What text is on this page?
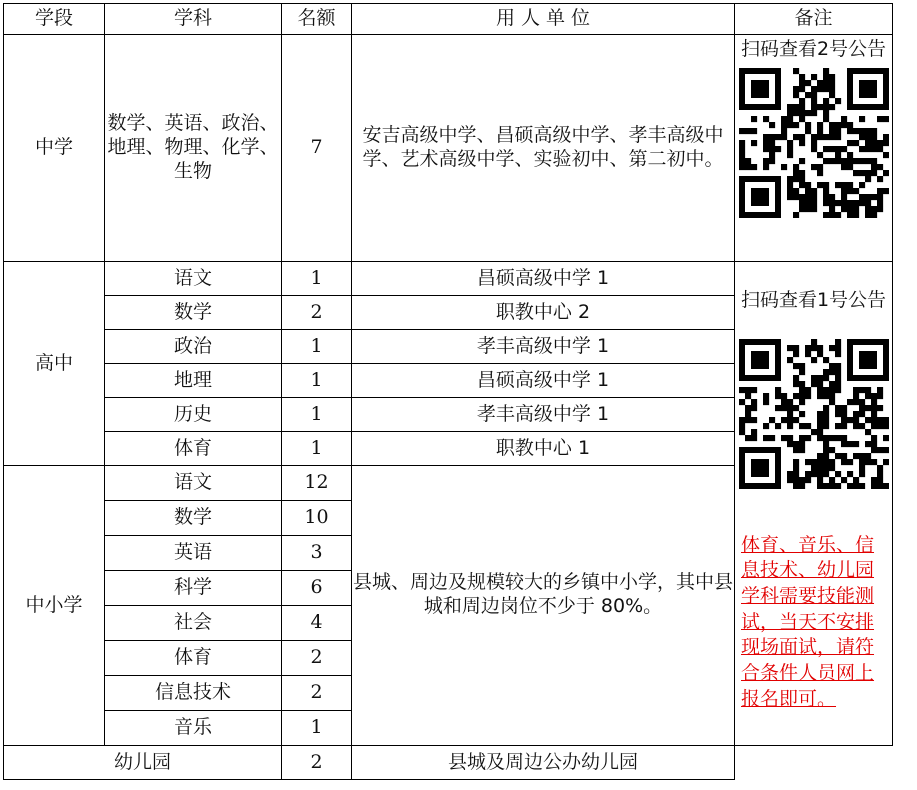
学段	学科	名额	用 人 单 位	备注
中学	数学、英语、政治、地理、物理、化学、生物	7	安吉高级中学、昌硕高级中学、孝丰高级中学、艺术高级中学、实验初中、第二初中。	扫码查看2号公告

高中	语文	1	昌硕高级中学 1	扫码查看1号公告
体育、音乐、信息技术、幼儿园学科需要技能测试，当天不安排现场面试，请符合条件人员网上报名即可。

	数学	2	职教中心 2	
	政治	1	孝丰高级中学 1	
	地理	1	昌硕高级中学 1	
	历史	1	孝丰高级中学 1	
	体育	1	职教中心 1	
中小学	语文	12	县城、周边及规模较大的乡镇中小学，其中县城和周边岗位不少于 80%。	
	数学	10		
	英语	3		
	科学	6		
	社会	4		
	体育	2		
	信息技术	2		
	音乐	1		
幼儿园		2	县城及周边公办幼儿园	
